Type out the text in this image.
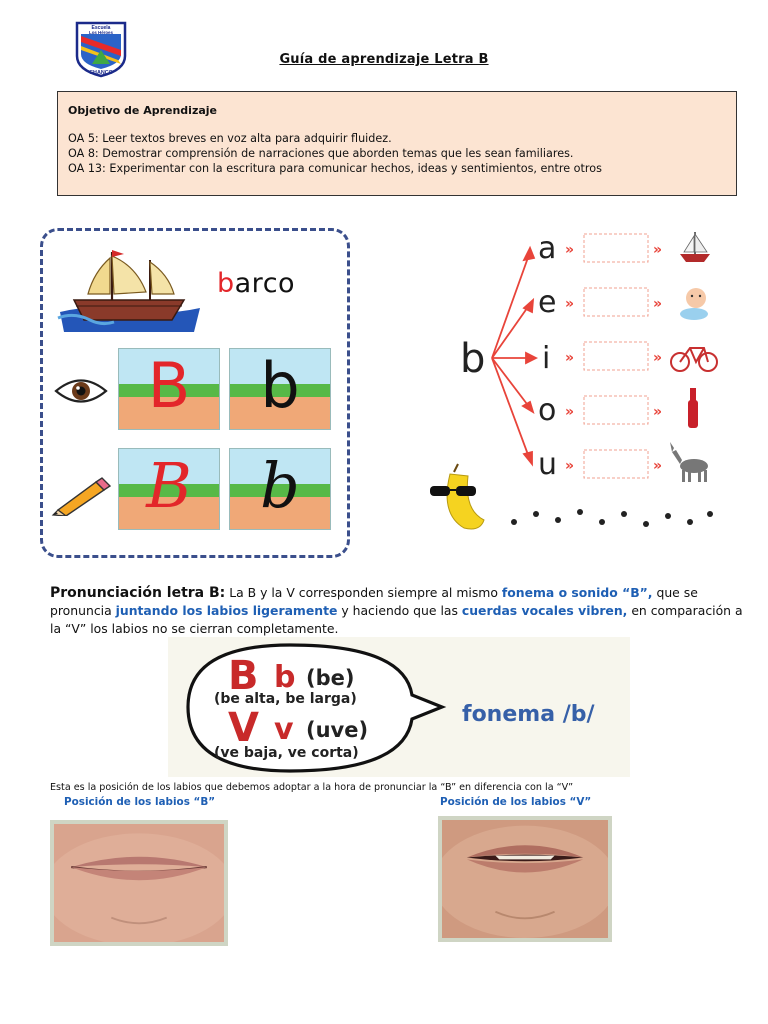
Escuela
Los Héroes
CHANCO
Guía de aprendizaje Letra B
Objetivo de Aprendizaje
OA 5: Leer textos breves en voz alta para adquirir fluidez.
OA 8: Demostrar comprensión de narraciones que aborden temas que les sean familiares.
OA 13: Experimentar con la escritura para comunicar hechos, ideas y sentimientos, entre otros
barco
B	b
B	b
b
a
e
i
o
u
»
»
»
»
»
»
»
»
»
»
Pronunciación letra B: La B y la V corresponden siempre al mismo fonema o sonido “B”, que se pronuncia juntando los labios ligeramente y haciendo que las cuerdas vocales vibren, en comparación a la “V” los labios no se cierran completamente.
B b (be)
(be alta, be larga)
V v (uve)
(ve baja, ve corta)
fonema /b/
Esta es la posición de los labios que debemos adoptar a la hora de pronunciar la “B” en diferencia con la “V”
Posición de los labios “B”	Posición de los labios “V”
